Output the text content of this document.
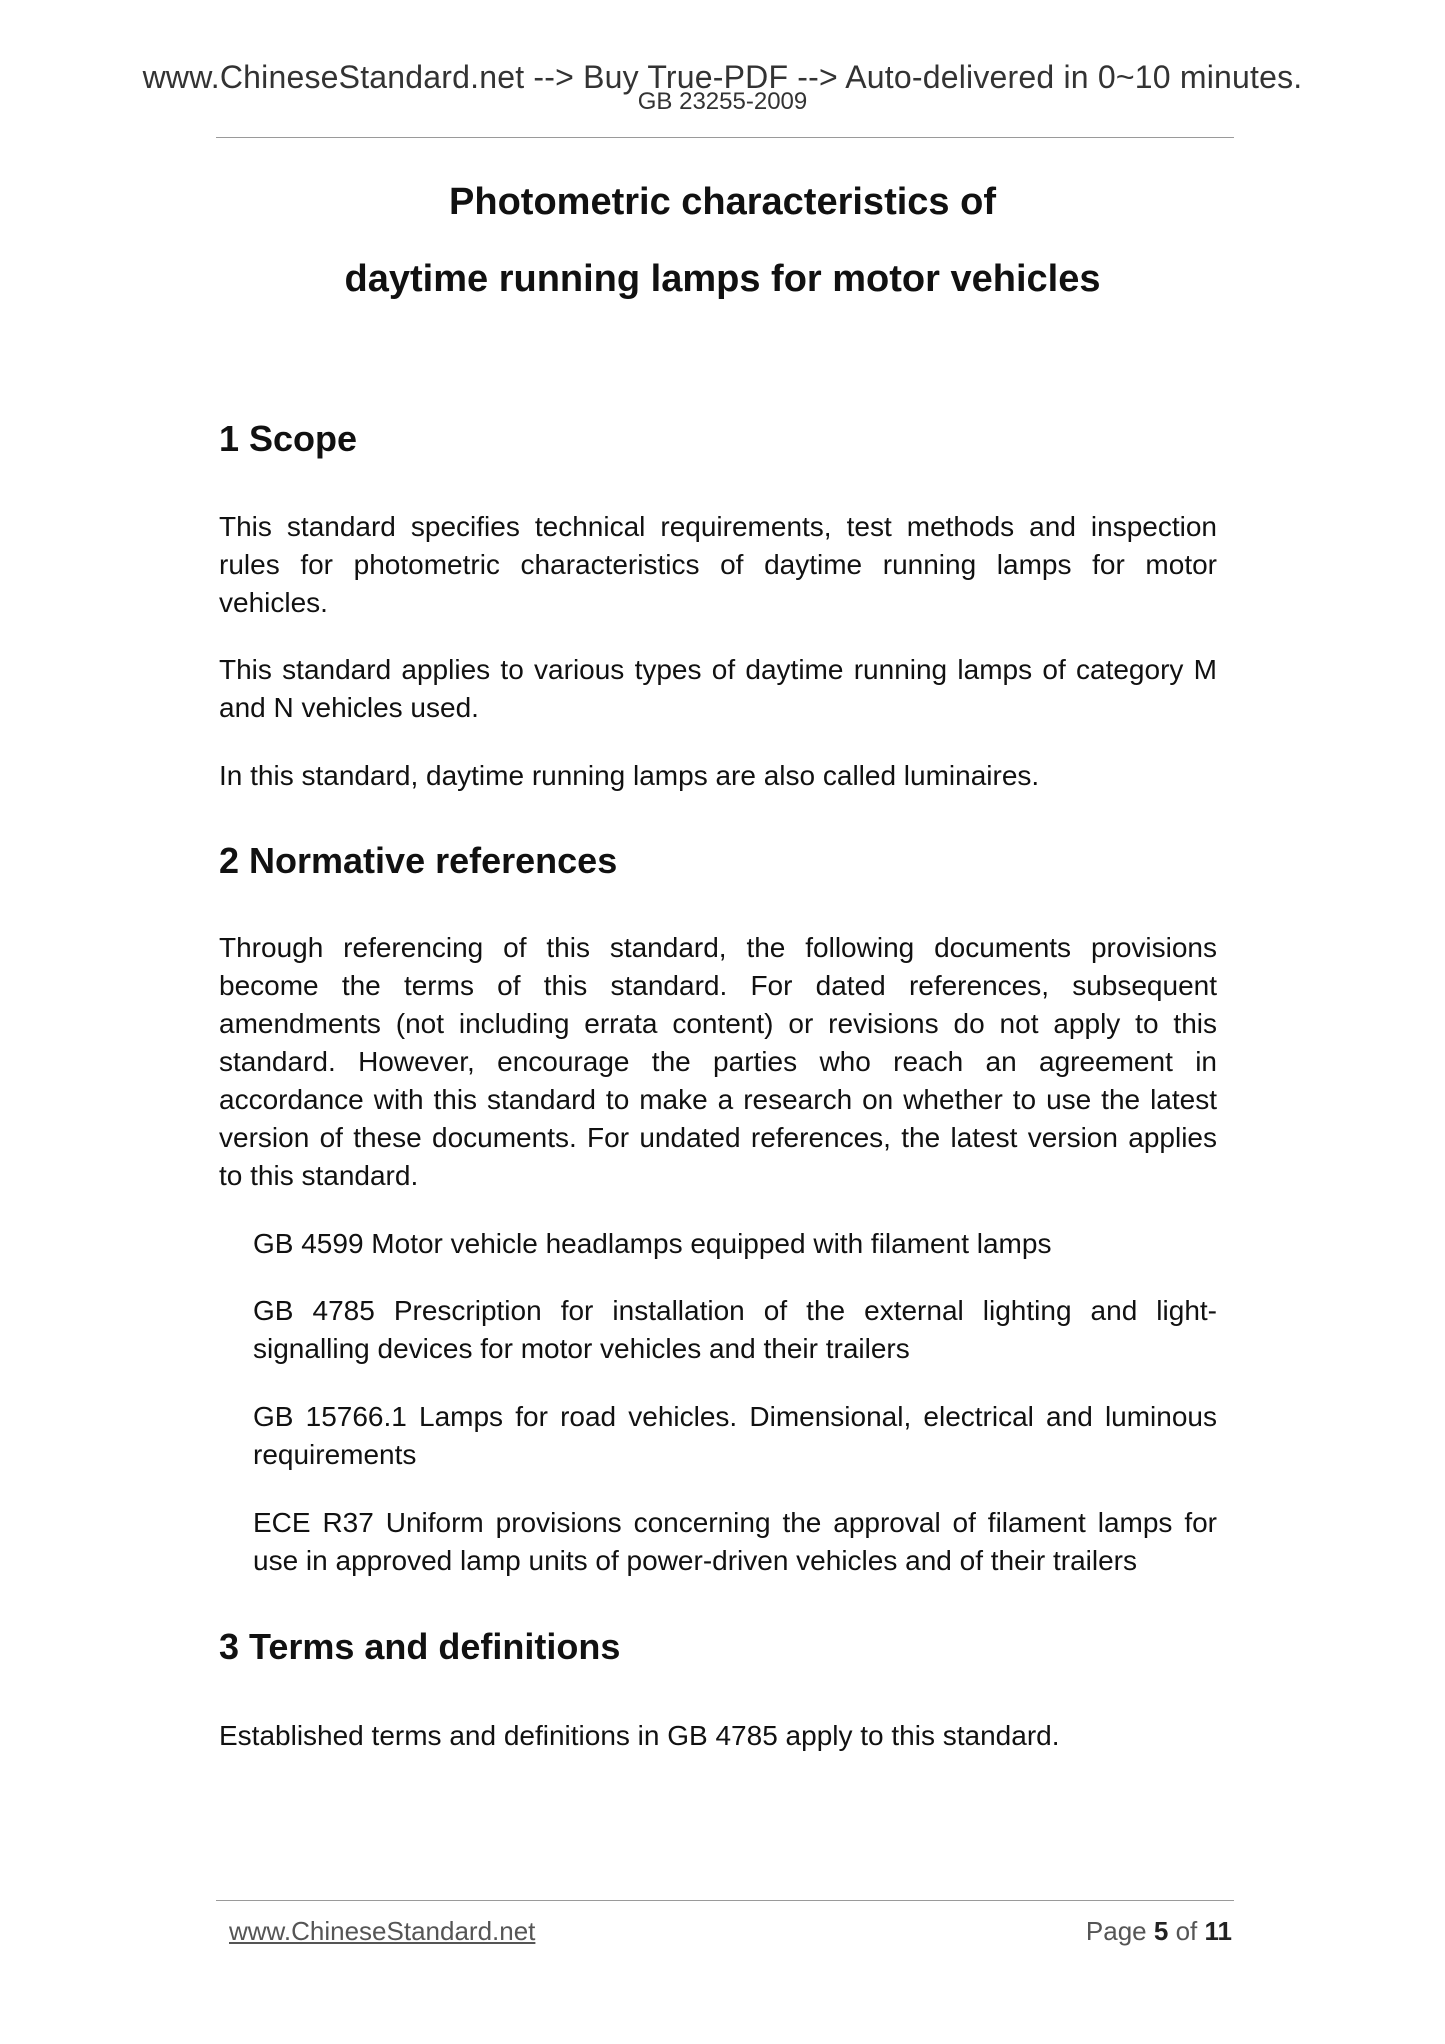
www.ChineseStandard.net --> Buy True-PDF --> Auto-delivered in 0~10 minutes.
GB 23255-2009
Photometric characteristics of
daytime running lamps for motor vehicles
1 Scope
This standard specifies technical requirements, test methods and inspection rules for photometric characteristics of daytime running lamps for motor vehicles.
This standard applies to various types of daytime running lamps of category M and N vehicles used.
In this standard, daytime running lamps are also called luminaires.
2 Normative references
Through referencing of this standard, the following documents provisions become the terms of this standard. For dated references, subsequent amendments (not including errata content) or revisions do not apply to this standard. However, encourage the parties who reach an agreement in accordance with this standard to make a research on whether to use the latest version of these documents. For undated references, the latest version applies to this standard.
GB 4599 Motor vehicle headlamps equipped with filament lamps
GB 4785 Prescription for installation of the external lighting and light-signalling devices for motor vehicles and their trailers
GB 15766.1 Lamps for road vehicles. Dimensional, electrical and luminous requirements
ECE R37 Uniform provisions concerning the approval of filament lamps for use in approved lamp units of power-driven vehicles and of their trailers
3 Terms and definitions
Established terms and definitions in GB 4785 apply to this standard.
www.ChineseStandard.net	Page 5 of 11
